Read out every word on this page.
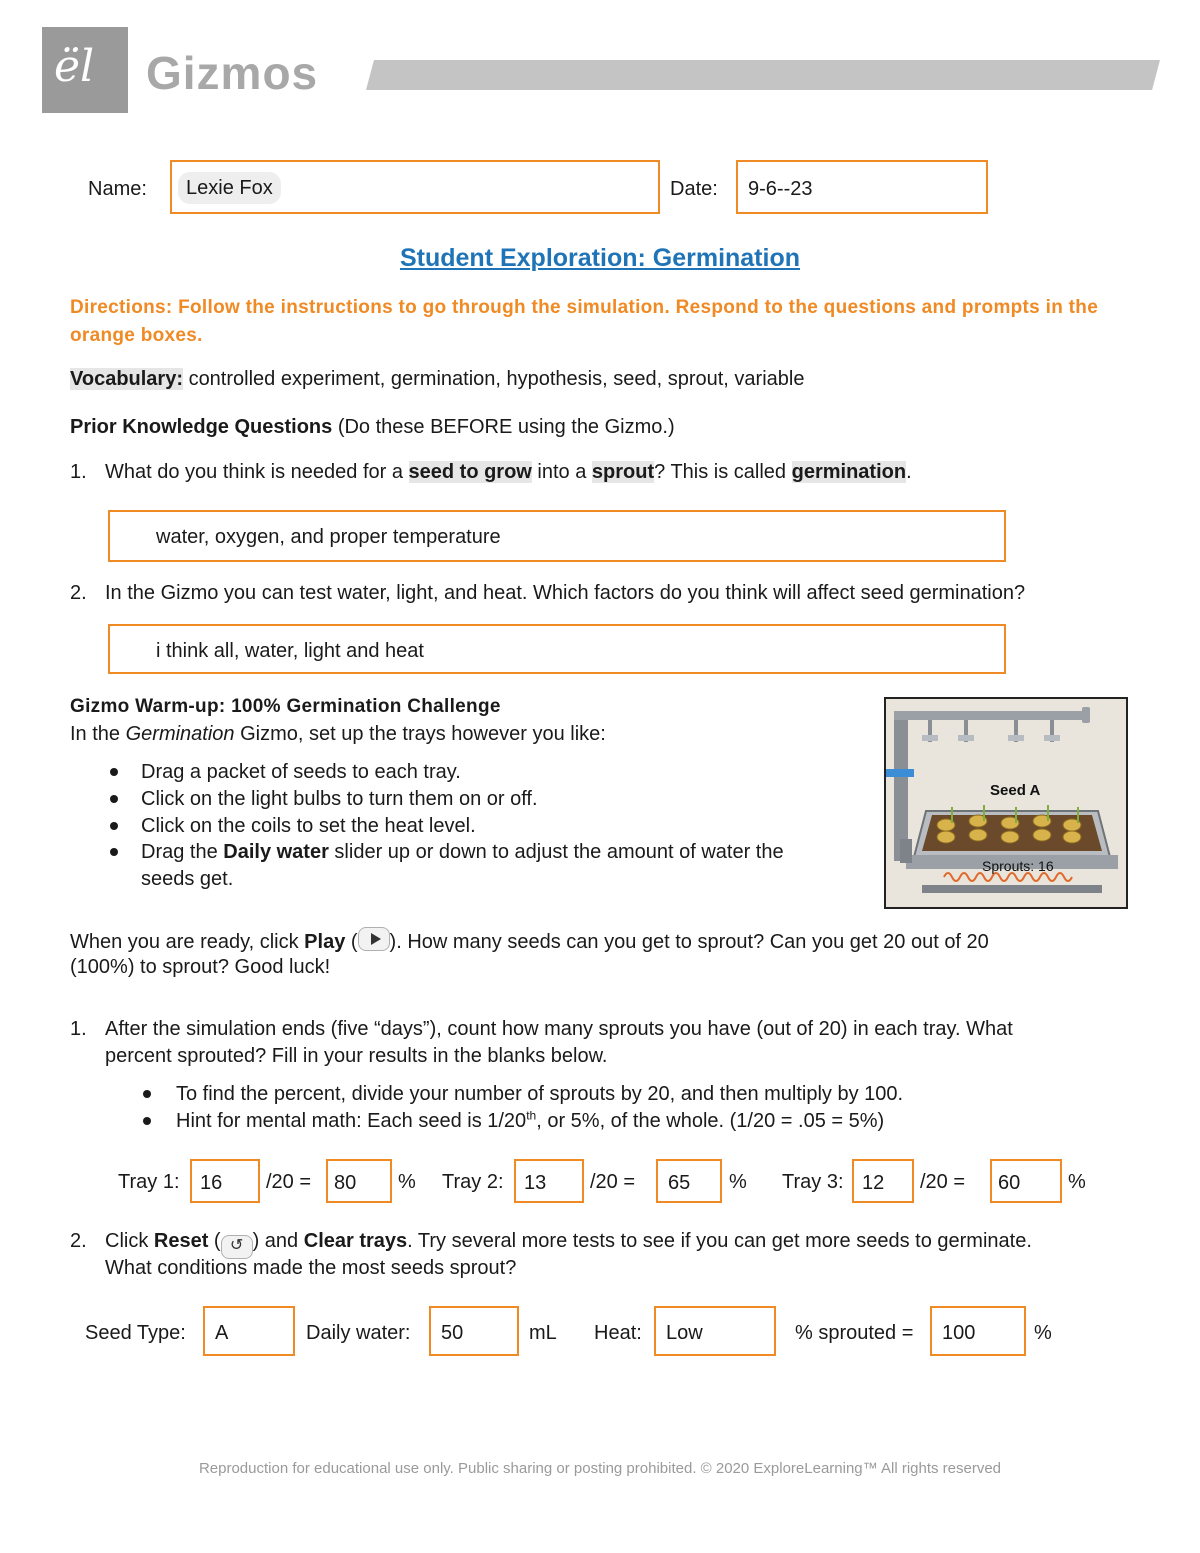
ël Gizmos
Name:	Lexie Fox	Date: 9-6--23
Student Exploration: Germination
Directions: Follow the instructions to go through the simulation. Respond to the questions and prompts in the orange boxes.
Vocabulary: controlled experiment, germination, hypothesis, seed, sprout, variable
Prior Knowledge Questions (Do these BEFORE using the Gizmo.)
1. What do you think is needed for a seed to grow into a sprout? This is called germination.
water, oxygen, and proper temperature
2. In the Gizmo you can test water, light, and heat. Which factors do you think will affect seed germination?
i think all, water, light and heat
Gizmo Warm-up: 100% Germination Challenge
In the Germination Gizmo, set up the trays however you like:
Drag a packet of seeds to each tray.
Click on the light bulbs to turn them on or off.
Click on the coils to set the heat level.
Drag the Daily water slider up or down to adjust the amount of water the
seeds get.
Seed A
Sprouts: 16
When you are ready, click Play ( ). How many seeds can you get to sprout? Can you get 20 out of 20
(100%) to sprout? Good luck!
1. After the simulation ends (five “days”), count how many sprouts you have (out of 20) in each tray. What
percent sprouted? Fill in your results in the blanks below.
To find the percent, divide your number of sprouts by 20, and then multiply by 100.
Hint for mental math: Each seed is 1/20th, or 5%, of the whole. (1/20 = .05 = 5%)
Tray 1: 16 /20 = 80 % Tray 2: 13 /20 = 65 % Tray 3: 12 /20 = 60 %
2. Click Reset ( ↺ ) and Clear trays. Try several more tests to see if you can get more seeds to germinate.
What conditions made the most seeds sprout?
Seed Type: A	Daily water: 50	mL Heat: Low	% sprouted = 100	%
Reproduction for educational use only. Public sharing or posting prohibited. © 2020 ExploreLearning™ All rights reserved
